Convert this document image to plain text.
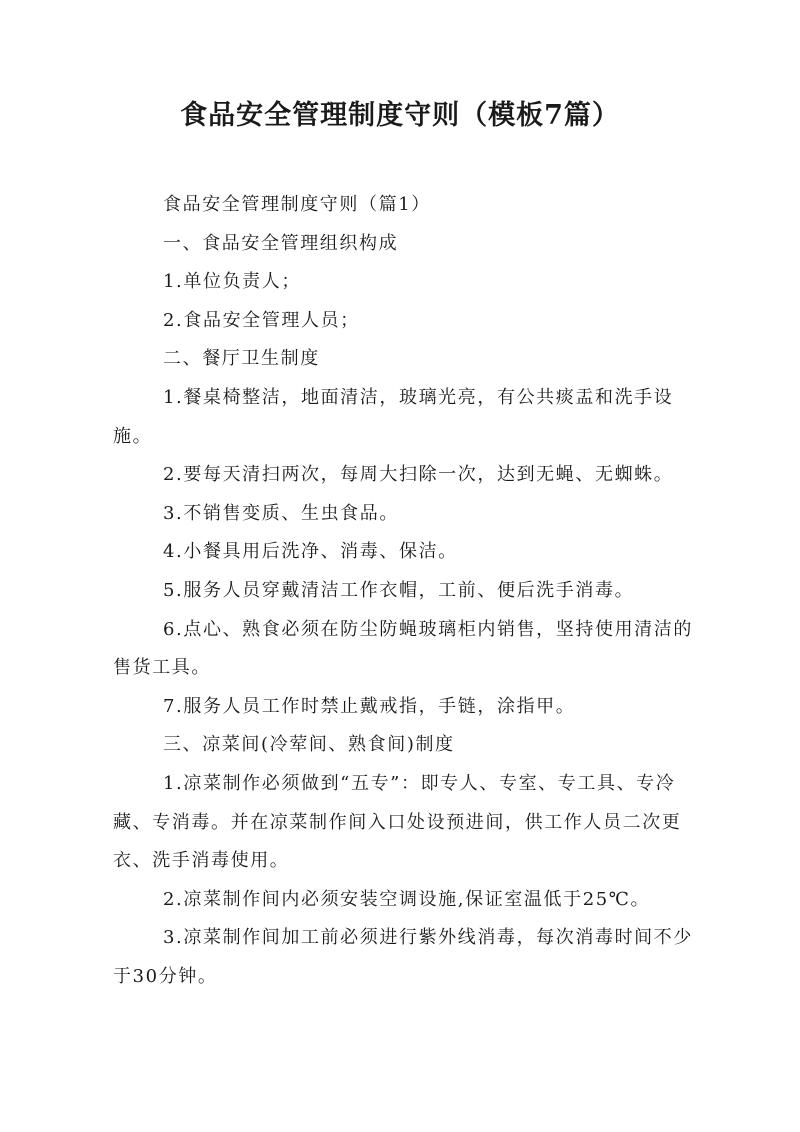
食品安全管理制度守则（模板7篇）

食品安全管理制度守则（篇1）

一、食品安全管理组织构成

1.单位负责人；

2.食品安全管理人员；

二、餐厅卫生制度

1.餐桌椅整洁，地面清洁，玻璃光亮，有公共痰盂和洗手设施。

2.要每天清扫两次，每周大扫除一次，达到无蝇、无蜘蛛。

3.不销售变质、生虫食品。

4.小餐具用后洗净、消毒、保洁。

5.服务人员穿戴清洁工作衣帽，工前、便后洗手消毒。

6.点心、熟食必须在防尘防蝇玻璃柜内销售，坚持使用清洁的售货工具。

7.服务人员工作时禁止戴戒指，手链，涂指甲。

三、凉菜间(冷荤间、熟食间)制度

1.凉菜制作必须做到“五专”：即专人、专室、专工具、专冷藏、专消毒。并在凉菜制作间入口处设预进间，供工作人员二次更衣、洗手消毒使用。

2.凉菜制作间内必须安装空调设施,保证室温低于25℃。

3.凉菜制作间加工前必须进行紫外线消毒，每次消毒时间不少于30分钟。
